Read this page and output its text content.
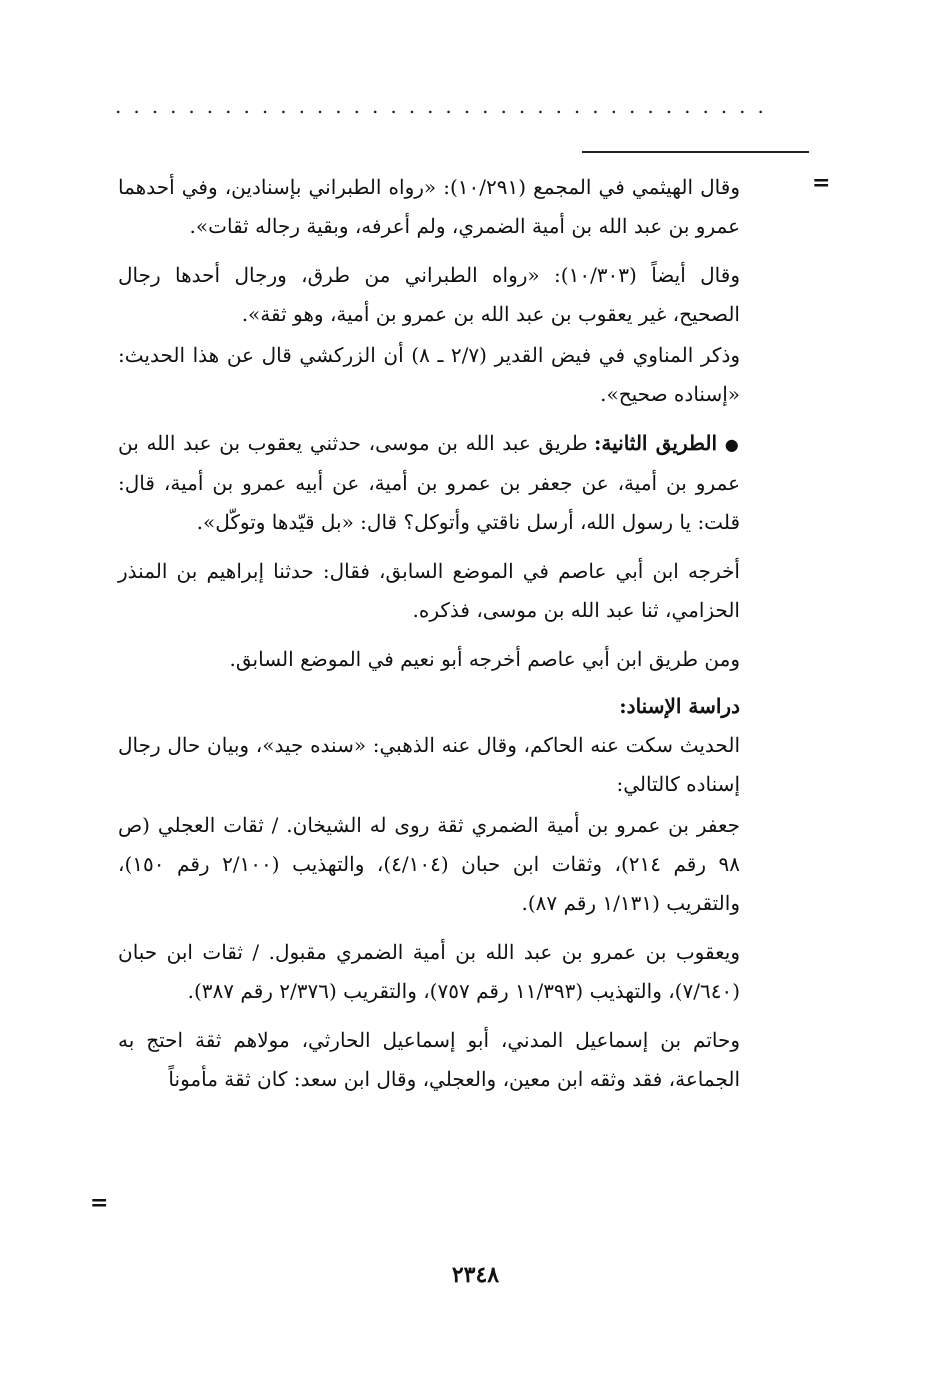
....................................
=

وقال الهيثمي في المجمع (١٠/٢٩١): «رواه الطبراني بإسنادين، وفي أحدهما عمرو بن عبد الله بن أمية الضمري، ولم أعرفه، وبقية رجاله ثقات».

وقال أيضاً (١٠/٣٠٣): «رواه الطبراني من طرق، ورجال أحدها رجال الصحيح، غير يعقوب بن عبد الله بن عمرو بن أمية، وهو ثقة».

وذكر المناوي في فيض القدير (٢/٧ ـ ٨) أن الزركشي قال عن هذا الحديث: «إسناده صحيح».

● الطريق الثانية: طريق عبد الله بن موسى، حدثني يعقوب بن عبد الله بن عمرو بن أمية، عن جعفر بن عمرو بن أمية، عن أبيه عمرو بن أمية، قال: قلت: يا رسول الله، أرسل ناقتي وأتوكل؟ قال: «بل قيّدها وتوكّل».

أخرجه ابن أبي عاصم في الموضع السابق، فقال: حدثنا إبراهيم بن المنذر الحزامي، ثنا عبد الله بن موسى، فذكره.

ومن طريق ابن أبي عاصم أخرجه أبو نعيم في الموضع السابق.

دراسة الإسناد:

الحديث سكت عنه الحاكم، وقال عنه الذهبي: «سنده جيد»، وبيان حال رجال إسناده كالتالي:

جعفر بن عمرو بن أمية الضمري ثقة روى له الشيخان. / ثقات العجلي (ص ٩٨ رقم ٢١٤)، وثقات ابن حبان (٤/١٠٤)، والتهذيب (٢/١٠٠ رقم ١٥٠)، والتقريب (١/١٣١ رقم ٨٧).

ويعقوب بن عمرو بن عبد الله بن أمية الضمري مقبول. / ثقات ابن حبان (٧/٦٤٠)، والتهذيب (١١/٣٩٣ رقم ٧٥٧)، والتقريب (٢/٣٧٦ رقم ٣٨٧).

وحاتم بن إسماعيل المدني، أبو إسماعيل الحارثي، مولاهم ثقة احتج به الجماعة، فقد وثقه ابن معين، والعجلي، وقال ابن سعد: كان ثقة مأموناً

=
٢٣٤٨
